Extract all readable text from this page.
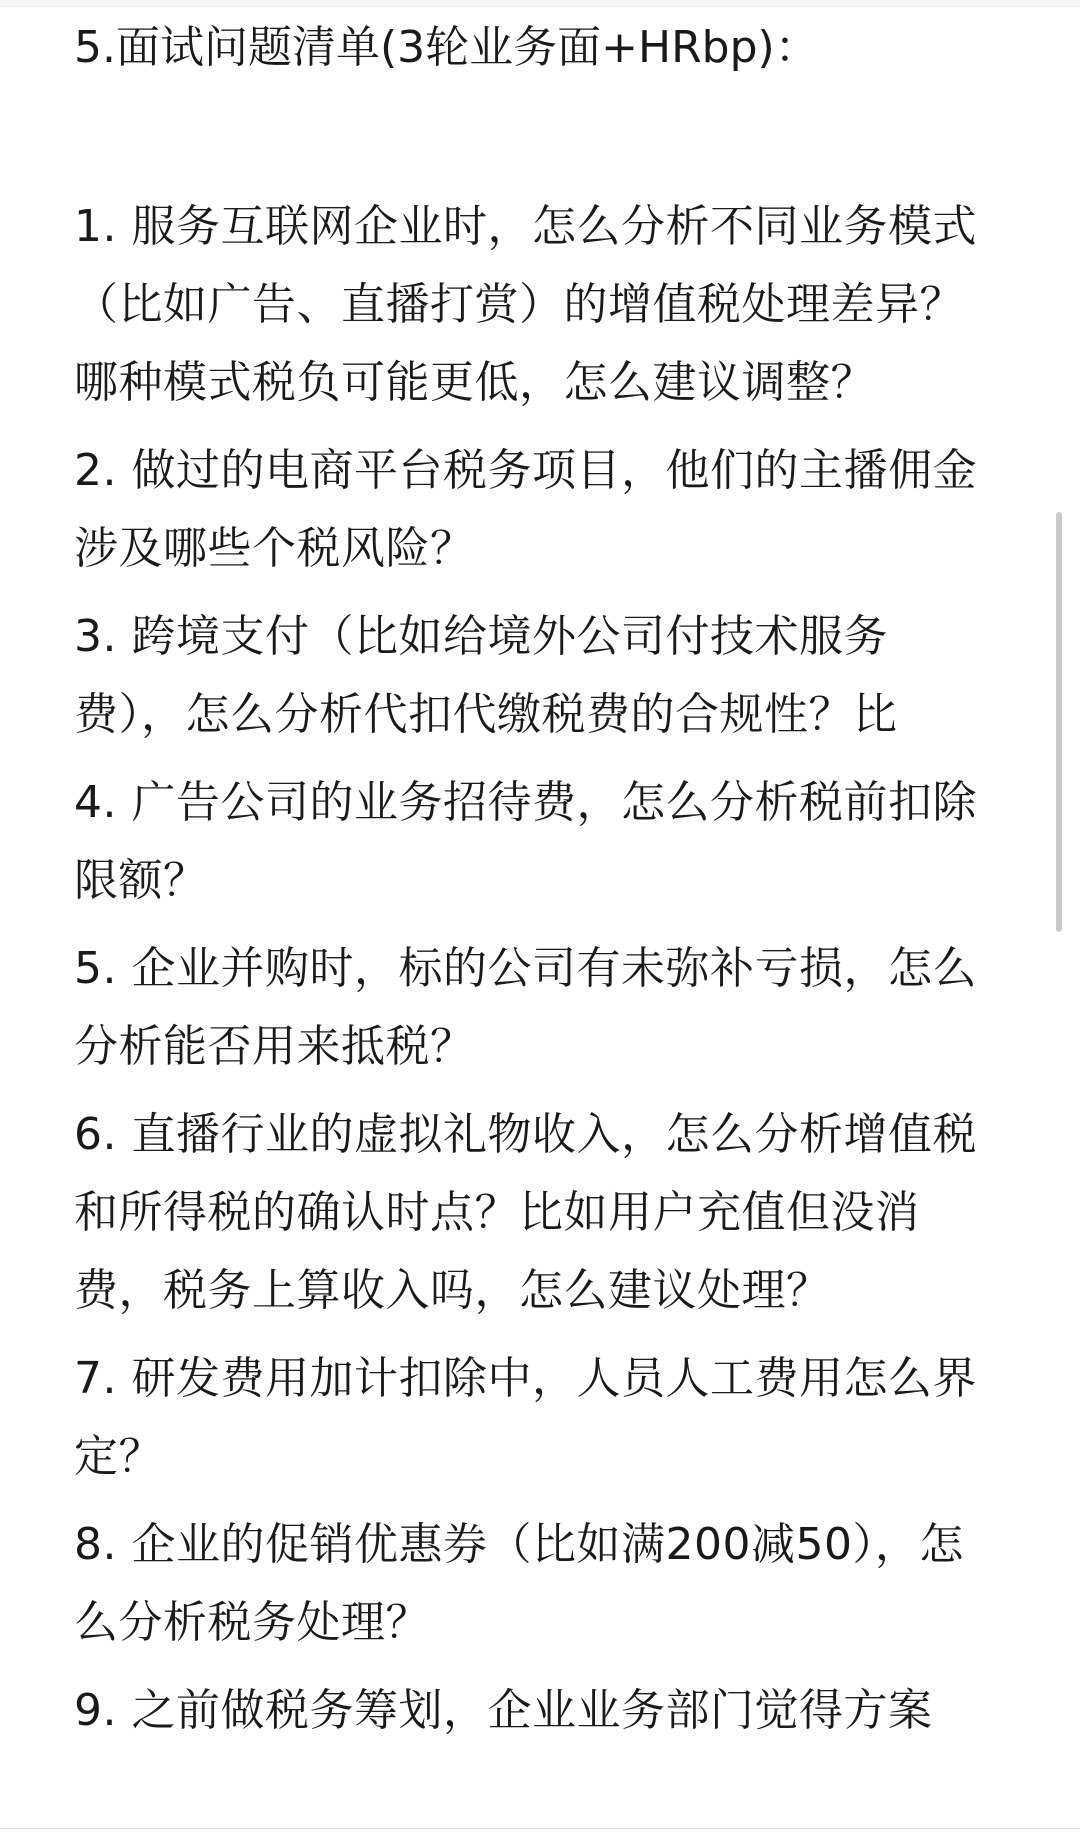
5.面试问题清单(3轮业务面+HRbp)：

1. 服务互联网企业时，怎么分析不同业务模式（比如广告、直播打赏）的增值税处理差异？哪种模式税负可能更低，怎么建议调整？
2. 做过的电商平台税务项目，他们的主播佣金涉及哪些个税风险？
3. 跨境支付（比如给境外公司付技术服务费），怎么分析代扣代缴税费的合规性？比
4. 广告公司的业务招待费，怎么分析税前扣除限额？
5. 企业并购时，标的公司有未弥补亏损，怎么分析能否用来抵税？
6. 直播行业的虚拟礼物收入，怎么分析增值税和所得税的确认时点？比如用户充值但没消费，税务上算收入吗，怎么建议处理？
7. 研发费用加计扣除中，人员人工费用怎么界定？
8. 企业的促销优惠券（比如满200减50），怎么分析税务处理？
9. 之前做税务筹划，企业业务部门觉得方案
